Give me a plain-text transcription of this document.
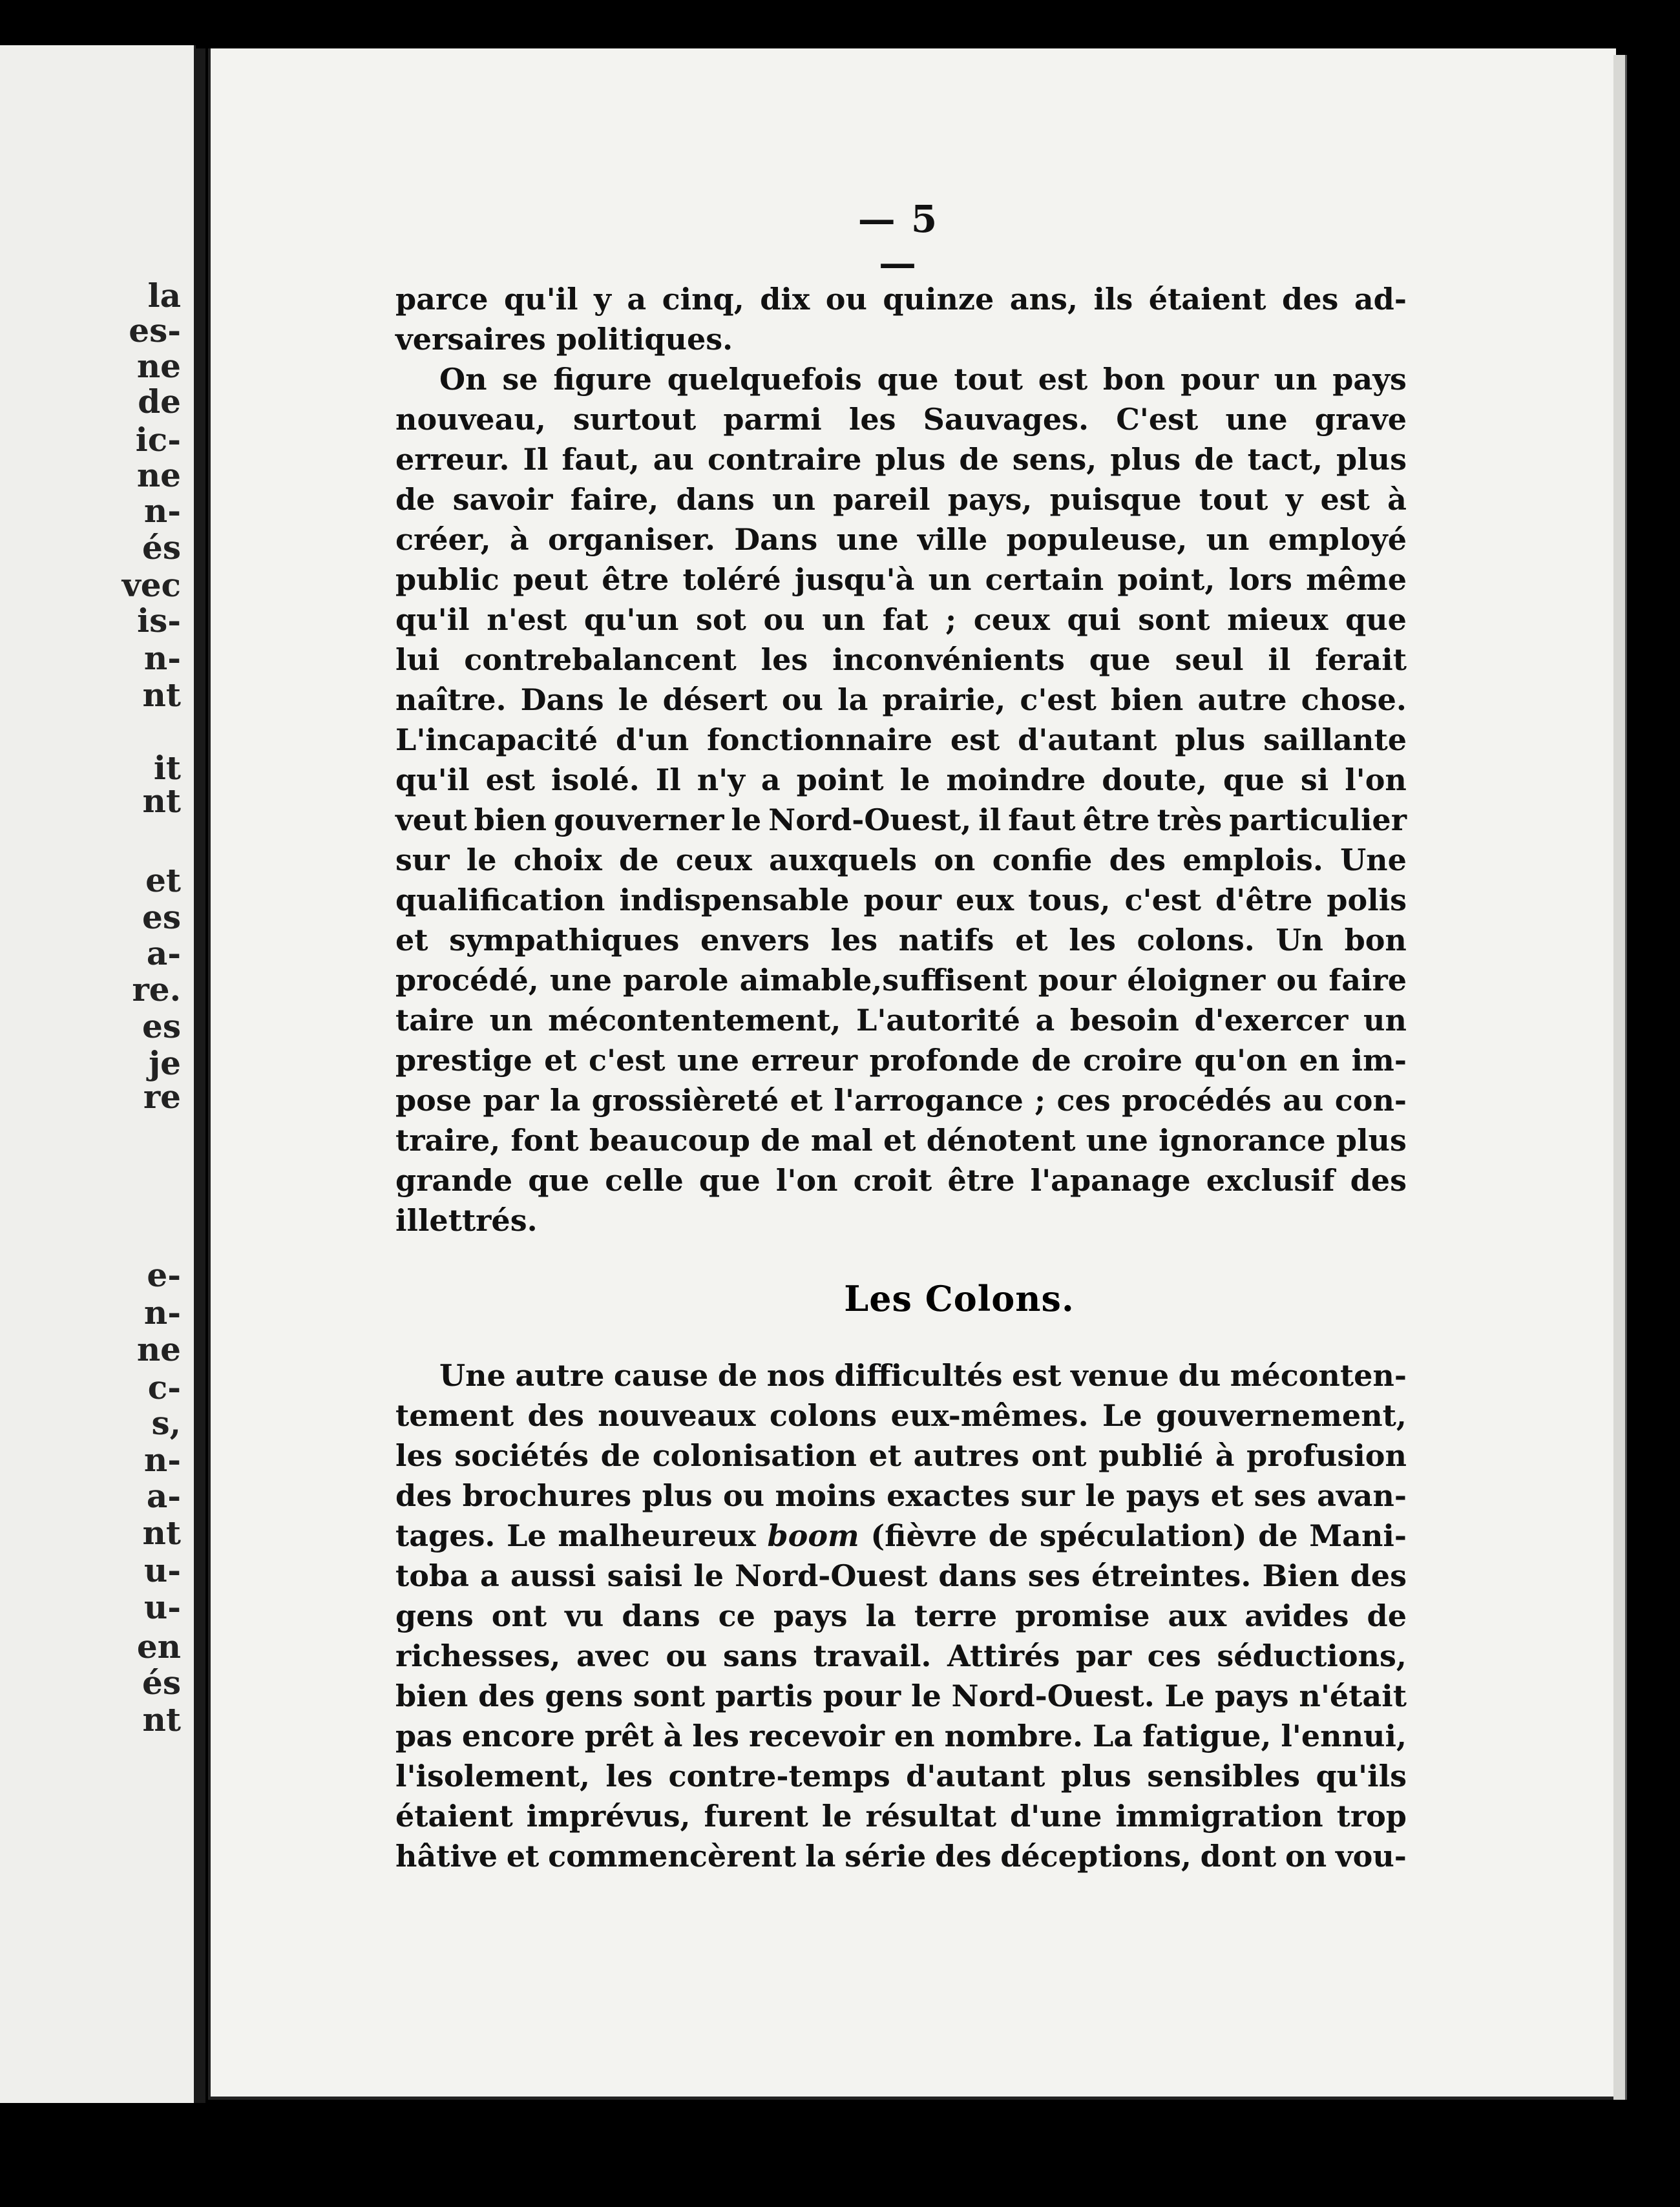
la
es-
ne
de
ic-
ne
n-
és
vec
is-
n-
nt
it
nt
et
es
a-
re.
es
je
re
e-
n-
ne
c-
s,
n-
a-
nt
u-
u-
en
és
nt
— 5 —
parce qu'il y a cinq, dix ou quinze ans, ils étaient des ad-
versaires politiques.
On se figure quelquefois que tout est bon pour un pays
nouveau, surtout parmi les Sauvages. C'est une grave
erreur. Il faut, au contraire plus de sens, plus de tact, plus
de savoir faire, dans un pareil pays, puisque tout y est à
créer, à organiser. Dans une ville populeuse, un employé
public peut être toléré jusqu'à un certain point, lors même
qu'il n'est qu'un sot ou un fat ; ceux qui sont mieux que
lui contrebalancent les inconvénients que seul il ferait
naître. Dans le désert ou la prairie, c'est bien autre chose.
L'incapacité d'un fonctionnaire est d'autant plus saillante
qu'il est isolé. Il n'y a point le moindre doute, que si l'on
veut bien gouverner le Nord-Ouest, il faut être très particulier
sur le choix de ceux auxquels on confie des emplois. Une
qualification indispensable pour eux tous, c'est d'être polis
et sympathiques envers les natifs et les colons. Un bon
procédé, une parole aimable,suffisent pour éloigner ou faire
taire un mécontentement, L'autorité a besoin d'exercer un
prestige et c'est une erreur profonde de croire qu'on en im-
pose par la grossièreté et l'arrogance ; ces procédés au con-
traire, font beaucoup de mal et dénotent une ignorance plus
grande que celle que l'on croit être l'apanage exclusif des
illettrés.
Les Colons.
Une autre cause de nos difficultés est venue du méconten-
tement des nouveaux colons eux-mêmes. Le gouvernement,
les sociétés de colonisation et autres ont publié à profusion
des brochures plus ou moins exactes sur le pays et ses avan-
tages. Le malheureux boom (fièvre de spéculation) de Mani-
toba a aussi saisi le Nord-Ouest dans ses étreintes. Bien des
gens ont vu dans ce pays la terre promise aux avides de
richesses, avec ou sans travail. Attirés par ces séductions,
bien des gens sont partis pour le Nord-Ouest. Le pays n'était
pas encore prêt à les recevoir en nombre. La fatigue, l'ennui,
l'isolement, les contre-temps d'autant plus sensibles qu'ils
étaient imprévus, furent le résultat d'une immigration trop
hâtive et commencèrent la série des déceptions, dont on vou-
